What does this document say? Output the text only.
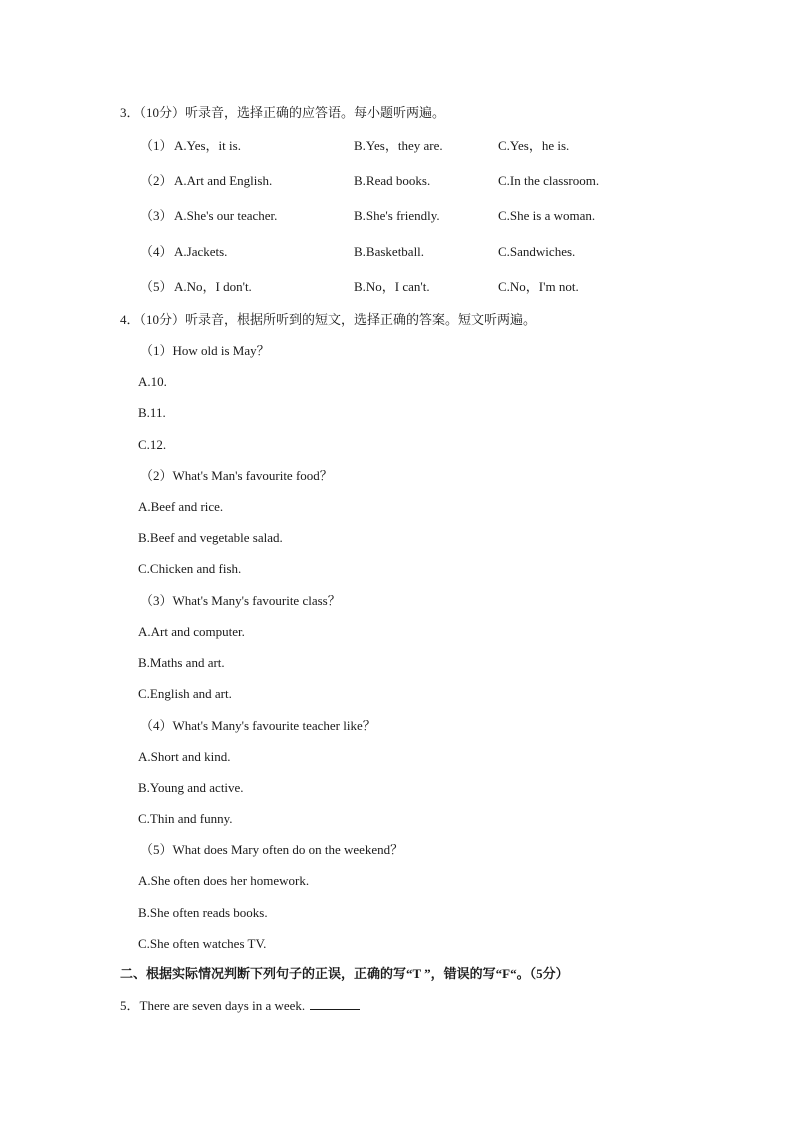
3．（10分）听录音，选择正确的应答语。每小题听两遍。
（1） A.Yes，it is.	B.Yes，they are.	C.Yes，he is.
（2） A.Art and English.	B.Read books.	C.In the classroom.
（3） A.She's our teacher.	B.She's friendly.	C.She is a woman.
（4） A.Jackets.	B.Basketball.	C.Sandwiches.
（5） A.No，I don't.	B.No，I can't.	C.No，I'm not.
4．（10分）听录音，根据所听到的短文，选择正确的答案。短文听两遍。
（1）How old is May？
A.10.
B.11.
C.12.
（2）What's Man's favourite food？
A.Beef and rice.
B.Beef and vegetable salad.
C.Chicken and fish.
（3）What's Many's favourite class？
A.Art and computer.
B.Maths and art.
C.English and art.
（4）What's Many's favourite teacher like？
A.Short and kind.
B.Young and active.
C.Thin and funny.
（5）What does Mary often do on the weekend？
A.She often does her homework.
B.She often reads books.
C.She often watches TV.
二、根据实际情况判断下列句子的正误，正确的写“T ”，错误的写“F“。（5分）
5．There are seven days in a week.
